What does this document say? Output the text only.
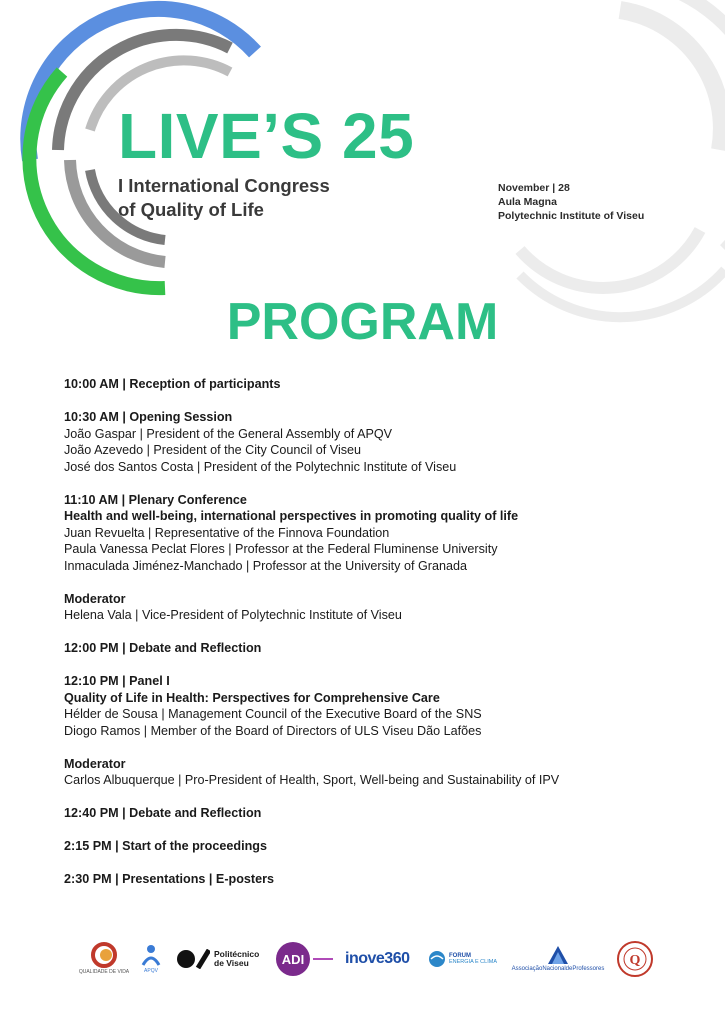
LIVE’S 25
I International Congress
of Quality of Life
November | 28
Aula Magna
Polytechnic Institute of Viseu
PROGRAM
10:00 AM | Reception of participants
10:30 AM | Opening Session
João Gaspar | President of the General Assembly of APQV
João Azevedo | President of the City Council of Viseu
José dos Santos Costa | President of the Polytechnic Institute of Viseu
11:10 AM | Plenary Conference
Health and well-being, international perspectives in promoting quality of life
Juan Revuelta | Representative of the Finnova Foundation
Paula Vanessa Peclat Flores | Professor at the Federal Fluminense University
Inmaculada Jiménez-Manchado | Professor at the University of Granada
Moderator
Helena Vala | Vice-President of Polytechnic Institute of Viseu
12:00 PM | Debate and Reflection
12:10 PM | Panel I
Quality of Life in Health: Perspectives for Comprehensive Care
Hélder de Sousa | Management Council of the Executive Board of the SNS
Diogo Ramos | Member of the Board of Directors of ULS Viseu Dão Lafões
Moderator
Carlos Albuquerque | Pro-President of Health, Sport, Well-being and Sustainability of IPV
12:40 PM | Debate and Reflection
2:15 PM | Start of the proceedings
2:30 PM | Presentations | E-posters
QUALIDADE DE VIDA	APQV
Politécnico de Viseu	ADI	inove360	FORUM
ENERGIA E CLIMA
AssociaçãoNacionaldeProfessores
Q
